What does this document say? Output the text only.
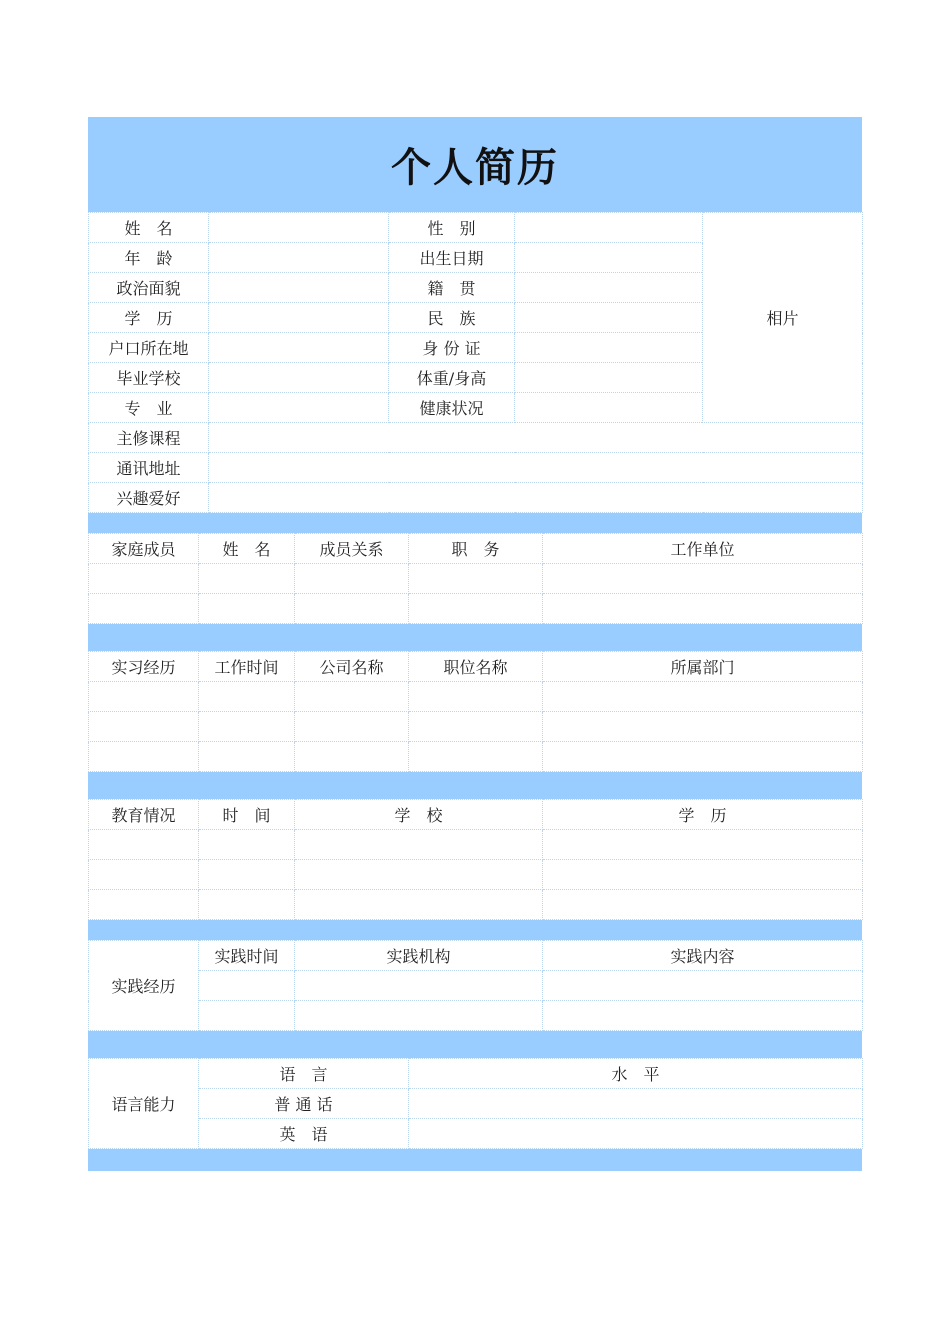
个人简历
姓　名		性　别		相片
年　龄		出生日期		
政治面貌		籍　贯		
学　历		民　族		
户口所在地		身 份 证		
毕业学校		体重/身高		
专　业		健康状况		
主修课程				
通讯地址				
兴趣爱好				
家庭成员	姓　名	成员关系	职　务	工作单位

实习经历	工作时间	公司名称	职位名称	所属部门

教育情况	时　间	学　校	学　历

实践经历	实践时间	实践机构	实践内容

语言能力	语　言	水　平
	普 通 话	
	英　语	
